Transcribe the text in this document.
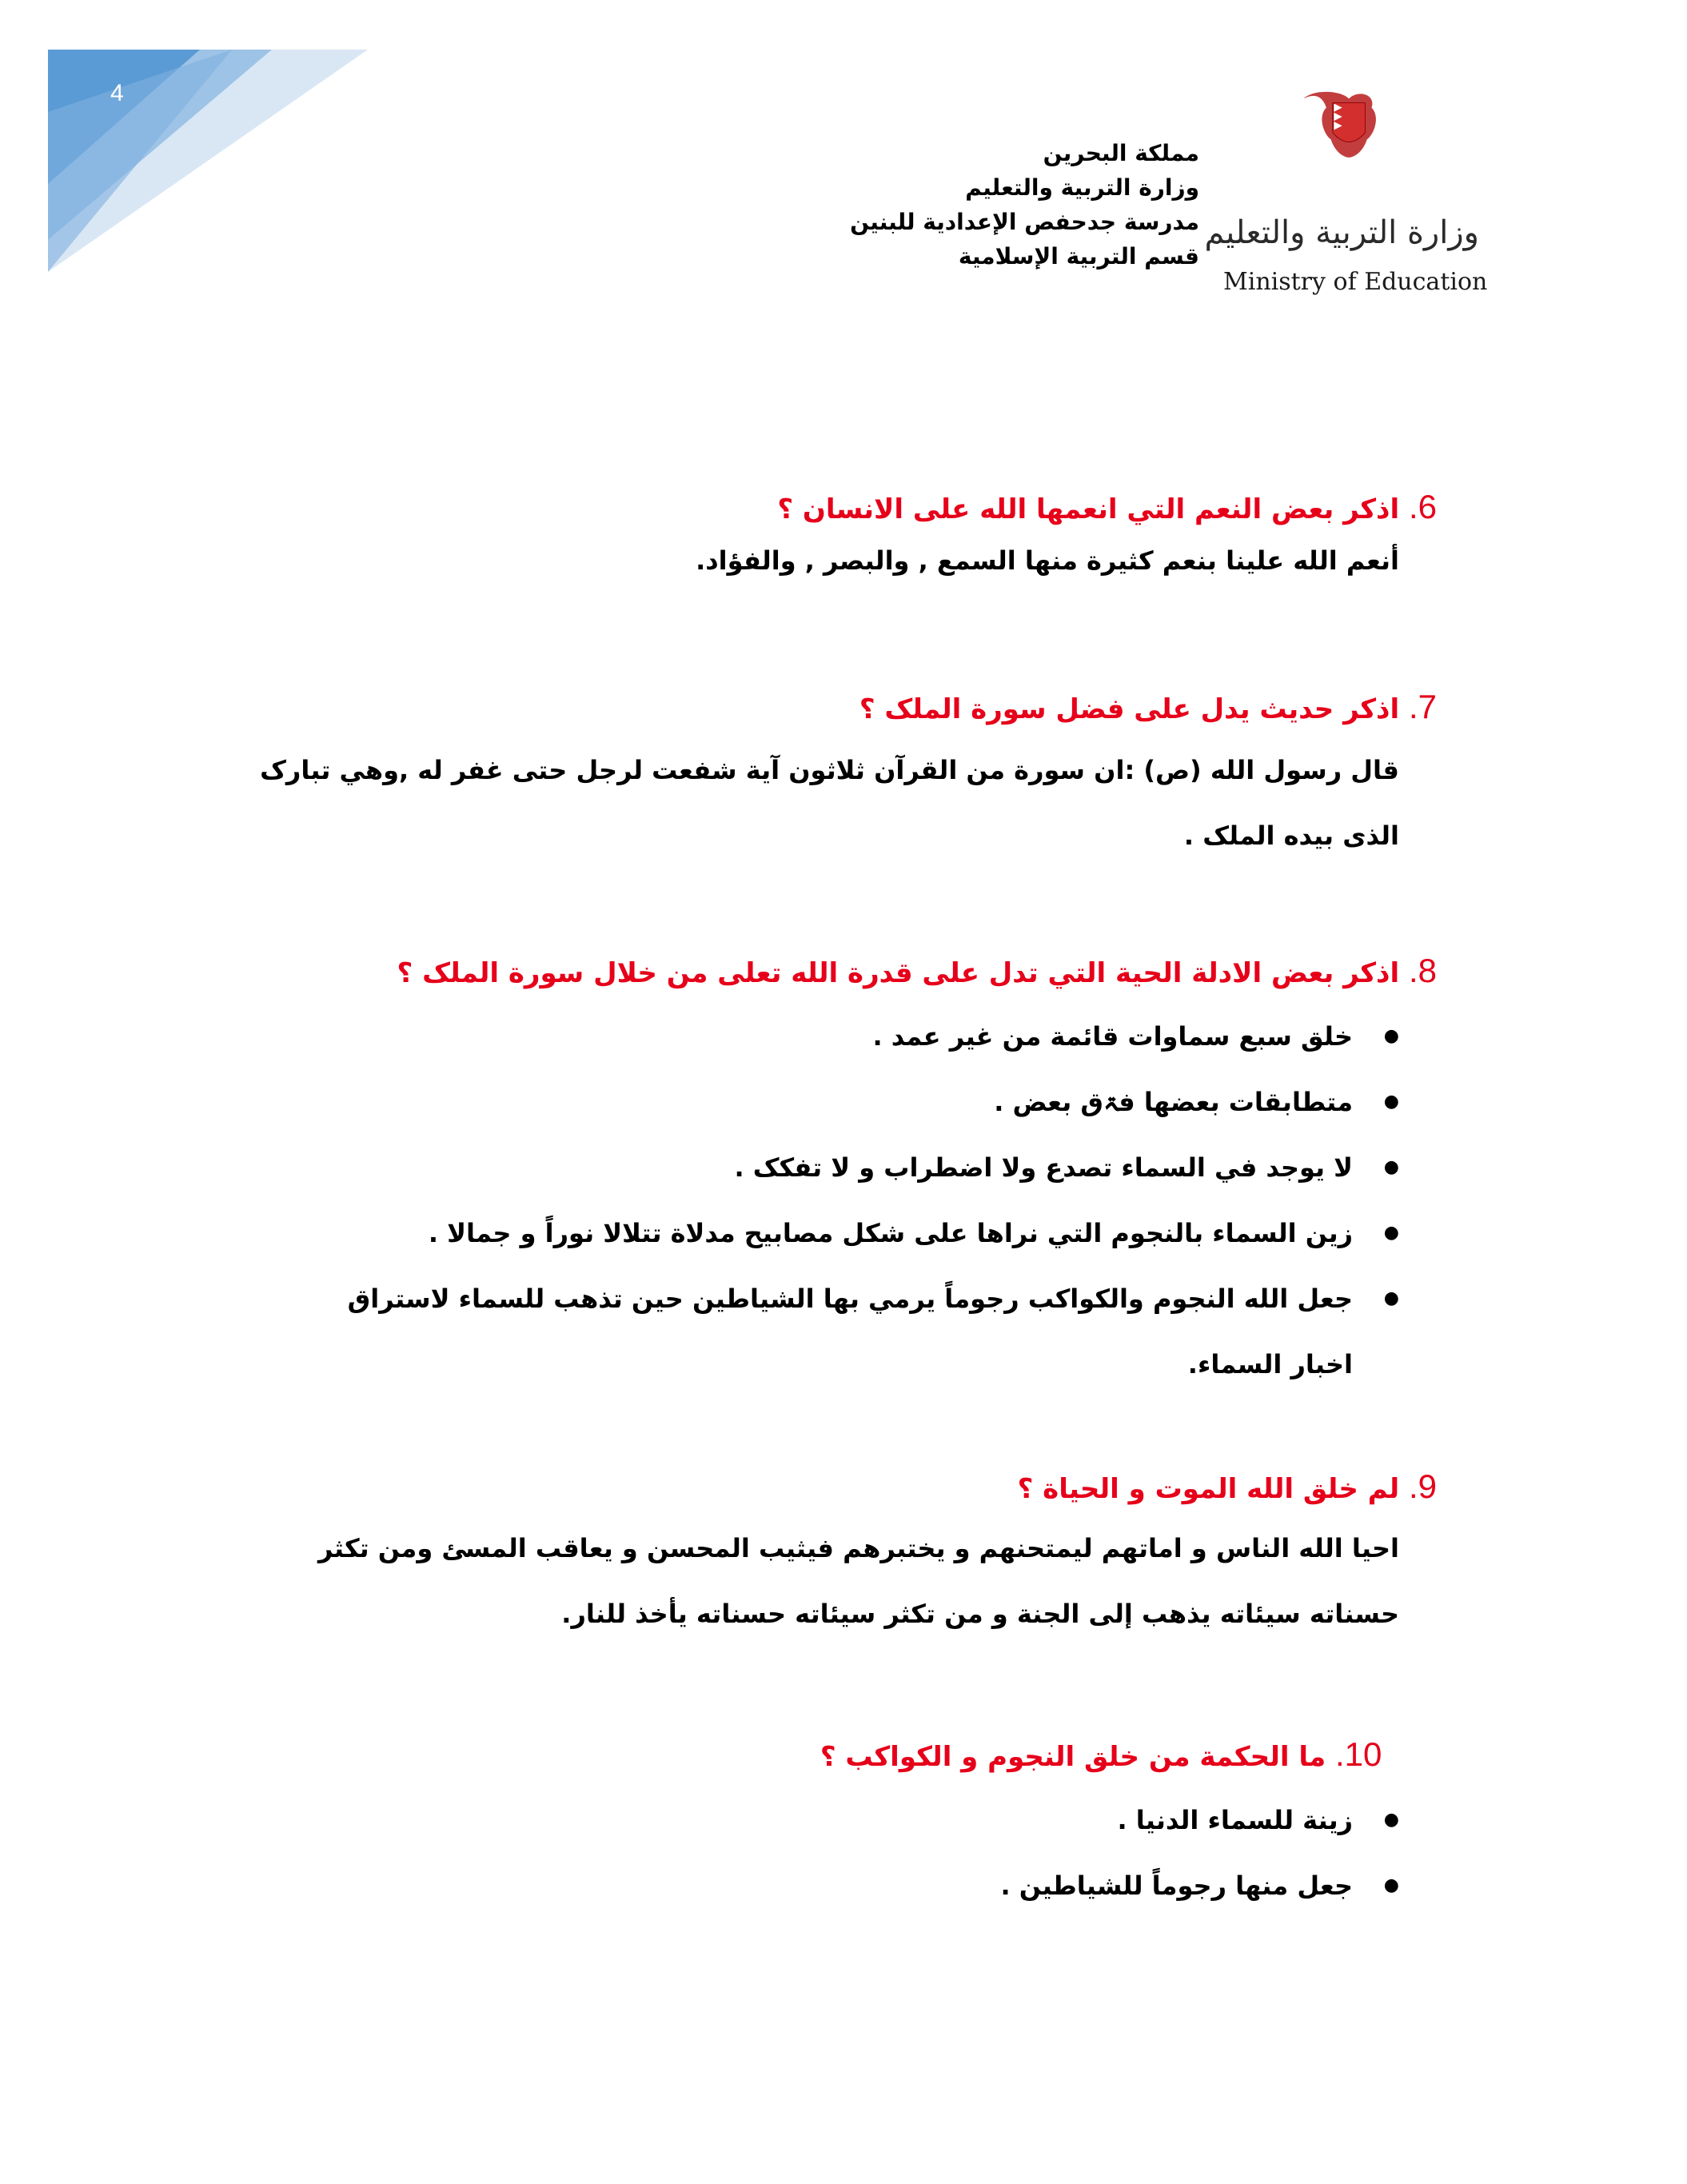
4
مملكة البحرين
وزارة التربية والتعليم
مدرسة جدحفص الإعدادية للبنين
قسم التربية الإسلامية
وزارة التربية والتعليم
Ministry of Education
6. اذكر بعض النعم التي انعمها الله على الانسان ؟
أنعم الله علينا بنعم كثيرة منها السمع , والبصر , والفؤاد.
7. اذكر حديث يدل على فضل سورة الملک ؟
قال رسول الله (ص) :ان سورة من القرآن ثلاثون آية شفعت لرجل حتى غفر له ,وهي تبارک الذى بيده الملک .
8. اذكر بعض الادلة الحية التي تدل على قدرة الله تعلى من خلال سورة الملک ؟
● خلق سبع سماوات قائمة من غير عمد .
● متطابقات بعضها فۃق بعض .
● لا يوجد في السماء تصدع ولا اضطراب و لا تفكک .
● زين السماء بالنجوم التي نراها على شكل مصابيح مدلاة تتلالا نوراً و جمالا .
● جعل الله النجوم والكواكب رجوماً يرمي بها الشياطين حين تذهب للسماء لاستراق اخبار السماء.
9. لم خلق الله الموت و الحياة ؟
احيا الله الناس و اماتهم ليمتحنهم و يختبرهم فيثيب المحسن و يعاقب المسئ ومن تكثر حسناته سيئاته يذهب إلى الجنة و من تكثر سيئاته حسناته يأخذ للنار.
10. ما الحكمة من خلق النجوم و الكواكب ؟
● زينة للسماء الدنيا .
● جعل منها رجوماً للشياطين .
